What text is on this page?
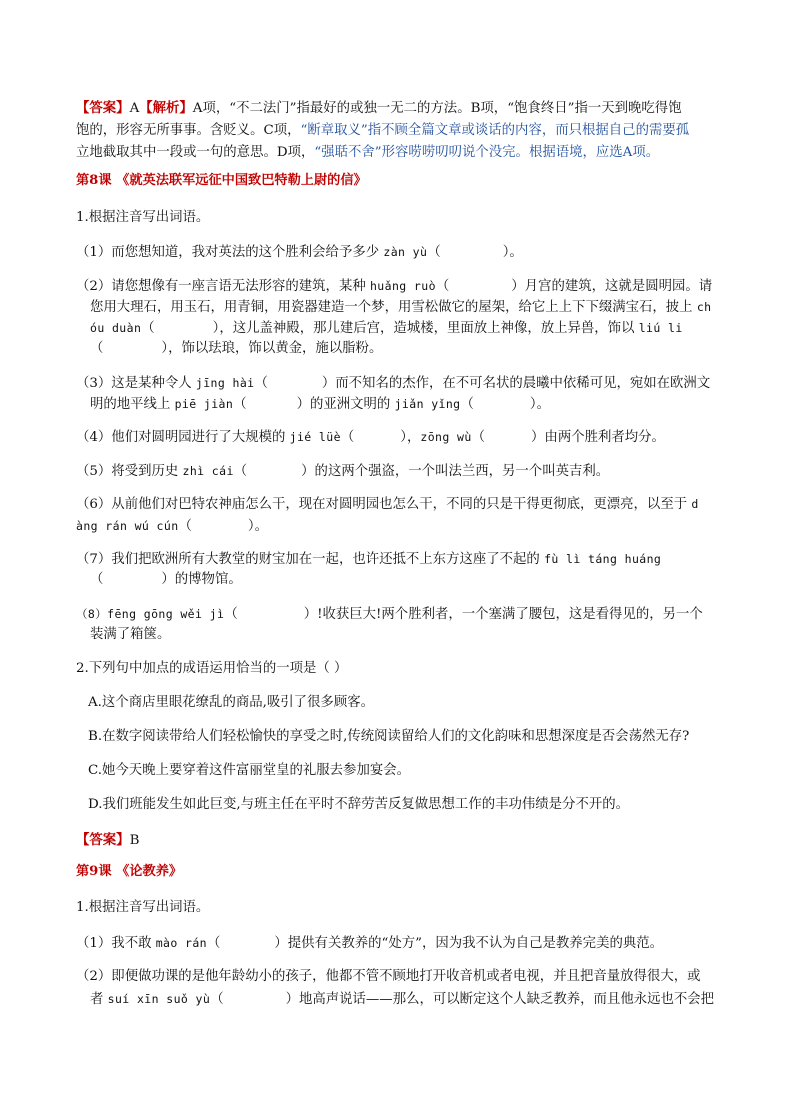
【答案】A【解析】A项，“不二法门”指最好的或独一无二的方法。B项，“饱食终日”指一天到晚吃得饱
饱的，形容无所事事。含贬义。C项，“断章取义”指不顾全篇文章或谈话的内容，而只根据自己的需要孤
立地截取其中一段或一句的意思。D项，“强聒不舍”形容唠唠叨叨说个没完。根据语境，应选A项。
第8课 《就英法联军远征中国致巴特勒上尉的信》
1.根据注音写出词语。
（1）而您想知道，我对英法的这个胜利会给予多少 zàn yù（	）。
（2）请您想像有一座言语无法形容的建筑，某种 huǎng ruò（	）月宫的建筑，这就是圆明园。请
您用大理石，用玉石，用青铜，用瓷器建造一个梦，用雪松做它的屋架，给它上上下下缀满宝石，披上 ch
óu duàn（	），这儿盖神殿，那儿建后宫，造城楼，里面放上神像，放上异兽，饰以 liú li
（	），饰以珐琅，饰以黄金，施以脂粉。
（3）这是某种令人 jīng hài（	）而不知名的杰作，在不可名状的晨曦中依稀可见，宛如在欧洲文
明的地平线上 piē jiàn（	）的亚洲文明的 jiǎn yǐng（	）。
（4）他们对圆明园进行了大规模的 jié lüè（	），zōng wù（	）由两个胜利者均分。
（5）将受到历史 zhì cái（	）的这两个强盗，一个叫法兰西，另一个叫英吉利。
（6）从前他们对巴特农神庙怎么干，现在对圆明园也怎么干，不同的只是干得更彻底，更漂亮，以至于 d
àng rán wú cún（	）。
（7）我们把欧洲所有大教堂的财宝加在一起，也许还抵不上东方这座了不起的 fù lì táng huáng
（	）的博物馆。
（8）fēng gōng wěi jì（	）!收获巨大!两个胜利者，一个塞满了腰包，这是看得见的，另一个
装满了箱箧。
2.下列句中加点的成语运用恰当的一项是（ ）
A.这个商店里眼花缭乱的商品,吸引了很多顾客。
B.在数字阅读带给人们轻松愉快的享受之时,传统阅读留给人们的文化韵味和思想深度是否会荡然无存?
C.她今天晚上要穿着这件富丽堂皇的礼服去参加宴会。
D.我们班能发生如此巨变,与班主任在平时不辞劳苦反复做思想工作的丰功伟绩是分不开的。
【答案】B
第9课 《论教养》
1.根据注音写出词语。
（1）我不敢 mào rán（	）提供有关教养的“处方”，因为我不认为自己是教养完美的典范。
（2）即便做功课的是他年龄幼小的孩子，他都不管不顾地打开收音机或者电视，并且把音量放得很大，或
者 suí xīn suǒ yù（	）地高声说话——那么，可以断定这个人缺乏教养，而且他永远也不会把
